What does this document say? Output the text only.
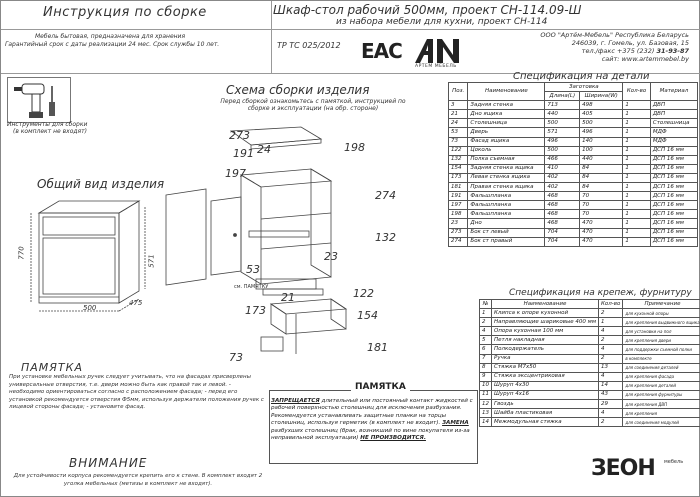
Инструкция по сборке	Шкаф-стол рабочий 500мм, проект СН-114.09-Ш
из набора мебели для кухни, проект СН-114
Мебель бытовая, предназначена для хранения
Гарантийный срок с даты реализации 24 мес. Срок службы 10 лет.	ТР ТС 025/2012 EAC
АРТЕМ МЕБЕЛЬ
ООО "Артём-Мебель" Республика Беларусь
246039, г. Гомель, ул. Базовая, 15
тел./факс +375 (232) 31-93-87
сайт: www.artemmebel.by
Инструменты для сборки
(в комплект не входят)
Общий вид изделия
770
571
500
475
Схема сборки изделия
Перед сборкой ознакомьтесь с памяткой, инструкцией по сборке и эксплуатации (на обр. стороне)
273
191
197
24	198
274
132
53
122
173
21
154
181
73
23
см. ПАМЯТКУ
Спецификация на детали
Поз.	Наименование	Заготовка		Кол-во	Материал
		Длина(L)	Ширина(W)		
3	Задняя стенка	713	498	1	ДВП
21	Дно ящика	440	405	1	ДВП
24	Столешница	500	500	1	Столешница
53	Дверь	571	496	1	МДФ
73	Фасад ящика	496	140	1	МДФ
122	Цоколь	500	100	1	ДСП 16 мм
132	Полка съемная	466	440	1	ДСП 16 мм
154	Задняя стенка ящика	410	84	1	ДСП 16 мм
173	Левая стенка ящика	402	84	1	ДСП 16 мм
181	Правая стенка ящика	402	84	1	ДСП 16 мм
191	Фальшпланка	468	70	1	ДСП 16 мм
197	Фальшпланка	468	70	1	ДСП 16 мм
198	Фальшпланка	468	70	1	ДСП 16 мм
23	Дно	468	470	1	ДСП 16 мм
273	Бок ст левый	704	470	1	ДСП 16 мм
274	Бок ст правый	704	470	1	ДСП 16 мм
Спецификация на крепеж, фурнитуру
№	Наименование	Кол-во	Примечание
1	Клипса к опоре кухонной	2	для кухонной опоры
2	Направляющие шариковые 400 мм	1	для крепления выдвижного ящика
4	Опора кухонная 100 мм	4	для установки на пол
5	Петля накладная	2	для крепления двери
6	Полкодержатель	4	для поддержки съемной полки
7	Ручка	2	в комплекте
8	Стяжка М7х50	13	для соединения деталей
9	Стяжка эксцентриковая	4	для крепления фасада
10	Шуруп 4х30	14	для крепления деталей
11	Шуруп 4х16	43	для крепления фурнитуры
12	Гвоздь	29	для крепления ДВП
13	Шайба пластиковая	4	для крепления
14	Межмодульная стяжка	2	для соединения модулей
ПАМЯТКА
ЗАПРЕЩАЕТСЯ длительный или постоянный контакт жидкостей с рабочей поверхностью столешниц для исключения разбухания. Рекомендуется устанавливать защитные планки на торцы столешниц, используя герметик (в комплект не входит). ЗАМЕНА разбухших столешниц (брак, возникший по вине покупателя из-за неправильной эксплуатации) НЕ ПРОИЗВОДИТСЯ.
ПАМЯТКА
При установке мебельных ручек следует учитывать, что на фасадах присверлены универсальные отверстия, т.е. двери можно быть как правой так и левой. - необходимо ориентироваться согласно с расположением фасада; - перед его установкой рекомендуется отверстия Ф5мм, используя держатели положения ручек с лицевой стороны фасада; - установите фасад.
ВНИМАНИЕ
Для устойчивости корпуса рекомендуется крепить его к стене. В комплект входят 2 уголка мебельных (метизы в комплект не входят).
ЗЕОН мебель
